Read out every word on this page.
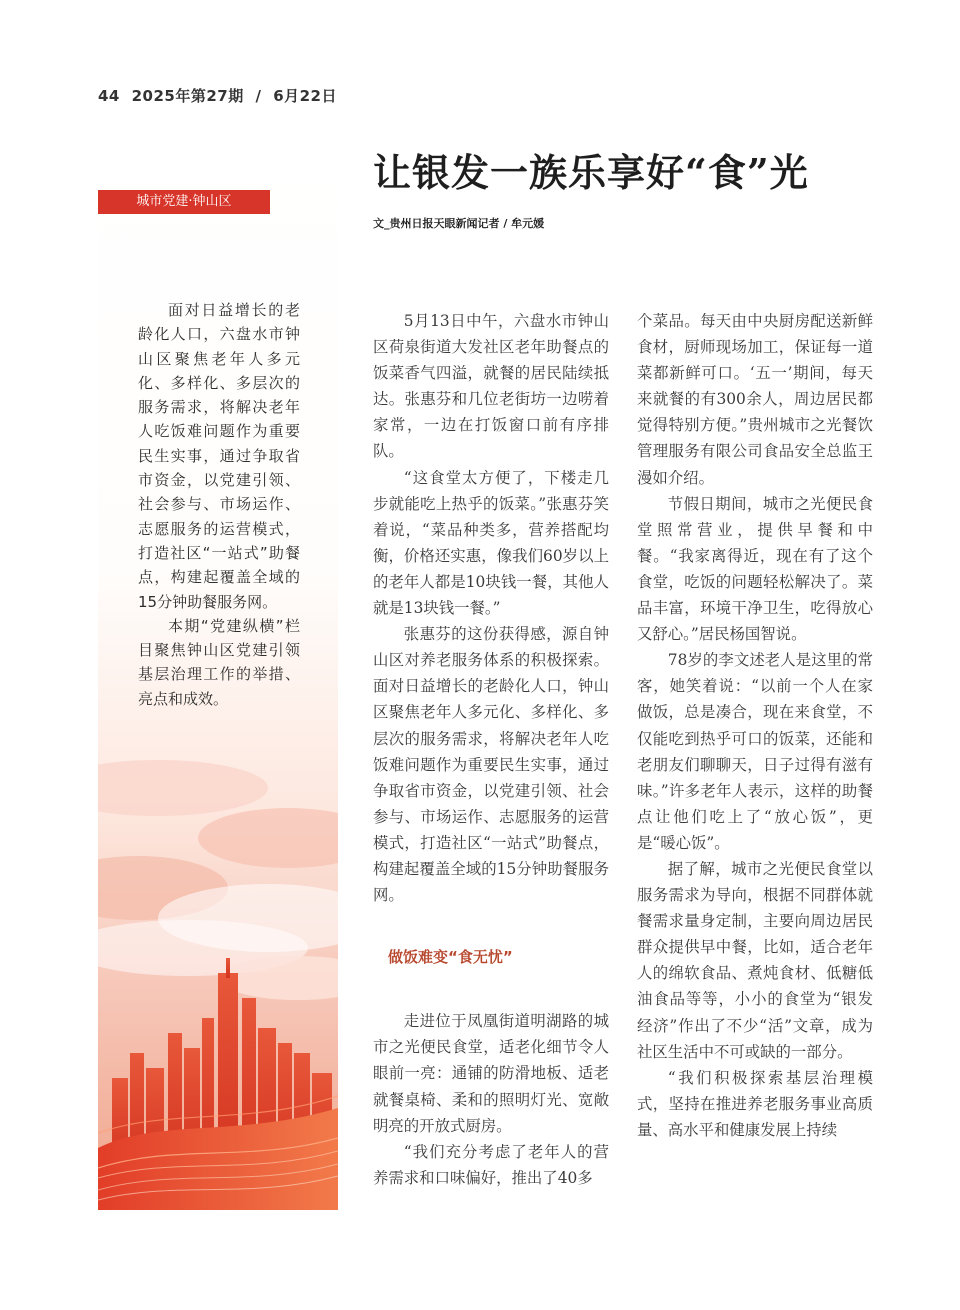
44 2025年第27期 / 6月22日
城市党建·钟山区

面对日益增长的老龄化人口，六盘水市钟山区聚焦老年人多元化、多样化、多层次的服务需求，将解决老年人吃饭难问题作为重要民生实事，通过争取省市资金，以党建引领、社会参与、市场运作、志愿服务的运营模式，打造社区“一站式”助餐点，构建起覆盖全域的15分钟助餐服务网。

本期“党建纵横”栏目聚焦钟山区党建引领基层治理工作的举措、亮点和成效。

让银发一族乐享好“食”光
文_贵州日报天眼新闻记者 / 牟元媛

5月13日中午，六盘水市钟山区荷泉街道大发社区老年助餐点的饭菜香气四溢，就餐的居民陆续抵达。张惠芬和几位老街坊一边唠着家常，一边在打饭窗口前有序排队。

“这食堂太方便了，下楼走几步就能吃上热乎的饭菜。”张惠芬笑着说，“菜品种类多，营养搭配均衡，价格还实惠，像我们60岁以上的老年人都是10块钱一餐，其他人就是13块钱一餐。”

张惠芬的这份获得感，源自钟山区对养老服务体系的积极探索。面对日益增长的老龄化人口，钟山区聚焦老年人多元化、多样化、多层次的服务需求，将解决老年人吃饭难问题作为重要民生实事，通过争取省市资金，以党建引领、社会参与、市场运作、志愿服务的运营模式，打造社区“一站式”助餐点，构建起覆盖全域的15分钟助餐服务网。

做饭难变“食无忧”

走进位于凤凰街道明湖路的城市之光便民食堂，适老化细节令人眼前一亮：通铺的防滑地板、适老就餐桌椅、柔和的照明灯光、宽敞明亮的开放式厨房。

“我们充分考虑了老年人的营养需求和口味偏好，推出了40多

个菜品。每天由中央厨房配送新鲜食材，厨师现场加工，保证每一道菜都新鲜可口。‘五一’期间，每天来就餐的有300余人，周边居民都觉得特别方便。”贵州城市之光餐饮管理服务有限公司食品安全总监王漫如介绍。

节假日期间，城市之光便民食堂照常营业，提供早餐和中餐。“我家离得近，现在有了这个食堂，吃饭的问题轻松解决了。菜品丰富，环境干净卫生，吃得放心又舒心。”居民杨国智说。

78岁的李文述老人是这里的常客，她笑着说：“以前一个人在家做饭，总是凑合，现在来食堂，不仅能吃到热乎可口的饭菜，还能和老朋友们聊聊天，日子过得有滋有味。”许多老年人表示，这样的助餐点让他们吃上了“放心饭”，更是“暖心饭”。

据了解，城市之光便民食堂以服务需求为导向，根据不同群体就餐需求量身定制，主要向周边居民群众提供早中餐，比如，适合老年人的绵软食品、煮炖食材、低糖低油食品等等，小小的食堂为“银发经济”作出了不少“活”文章，成为社区生活中不可或缺的一部分。

“我们积极探索基层治理模式，坚持在推进养老服务事业高质量、高水平和健康发展上持续
